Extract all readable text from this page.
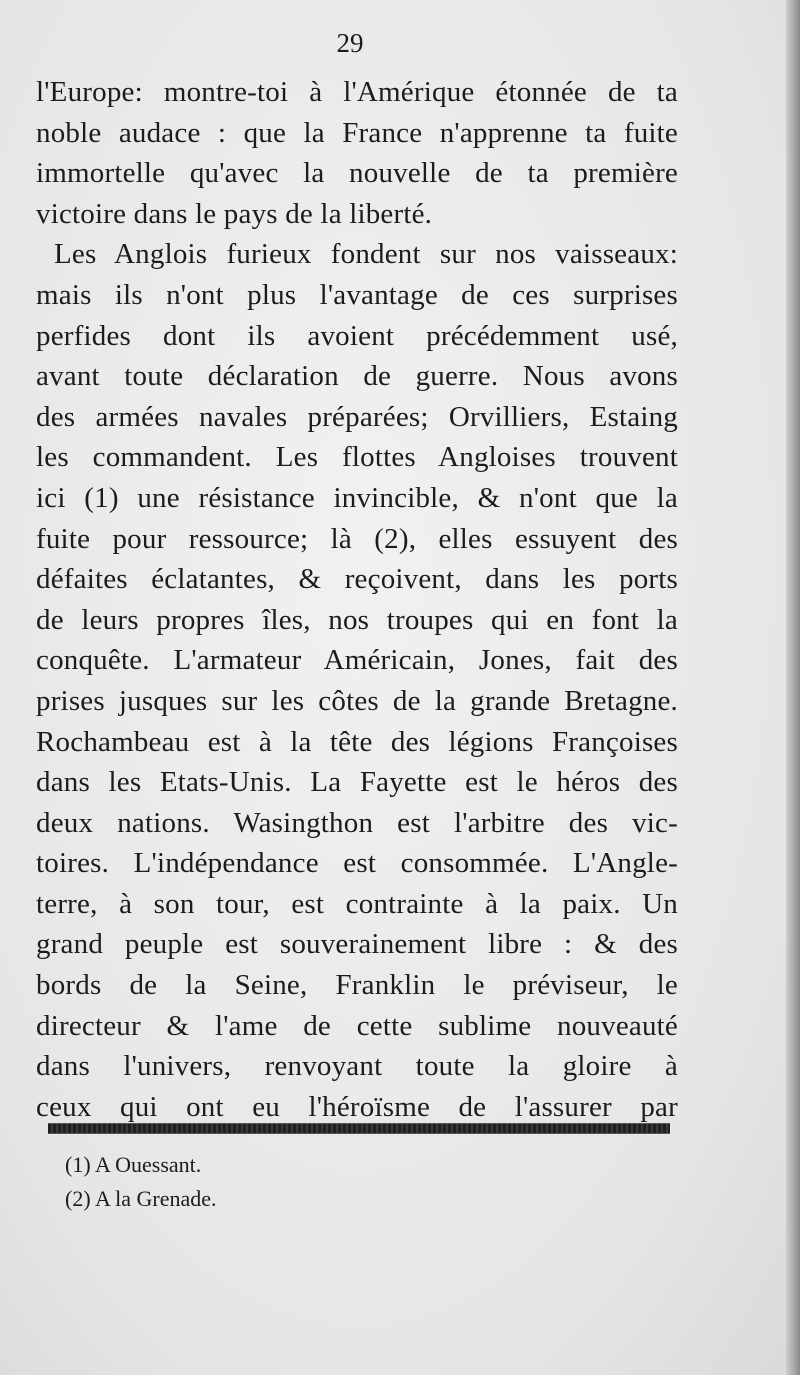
29
l'Europe: montre-toi à l'Amérique étonnée de ta
noble audace : que la France n'apprenne ta fuite
immortelle qu'avec la nouvelle de ta première
victoire dans le pays de la liberté.
Les Anglois furieux fondent sur nos vaisseaux:
mais ils n'ont plus l'avantage de ces surprises
perfides dont ils avoient précédemment usé,
avant toute déclaration de guerre. Nous avons
des armées navales préparées; Orvilliers, Estaing
les commandent. Les flottes Angloises trouvent
ici (1) une résistance invincible, & n'ont que la
fuite pour ressource; là (2), elles essuyent des
défaites éclatantes, & reçoivent, dans les ports
de leurs propres îles, nos troupes qui en font la
conquête. L'armateur Américain, Jones, fait des
prises jusques sur les côtes de la grande Bretagne.
Rochambeau est à la tête des légions Françoises
dans les Etats-Unis. La Fayette est le héros des
deux nations. Wasingthon est l'arbitre des vic-
toires. L'indépendance est consommée. L'Angle-
terre, à son tour, est contrainte à la paix. Un
grand peuple est souverainement libre : & des
bords de la Seine, Franklin le préviseur, le
directeur & l'ame de cette sublime nouveauté
dans l'univers, renvoyant toute la gloire à
ceux qui ont eu l'héroïsme de l'assurer par
(1) A Ouessant.
(2) A la Grenade.
